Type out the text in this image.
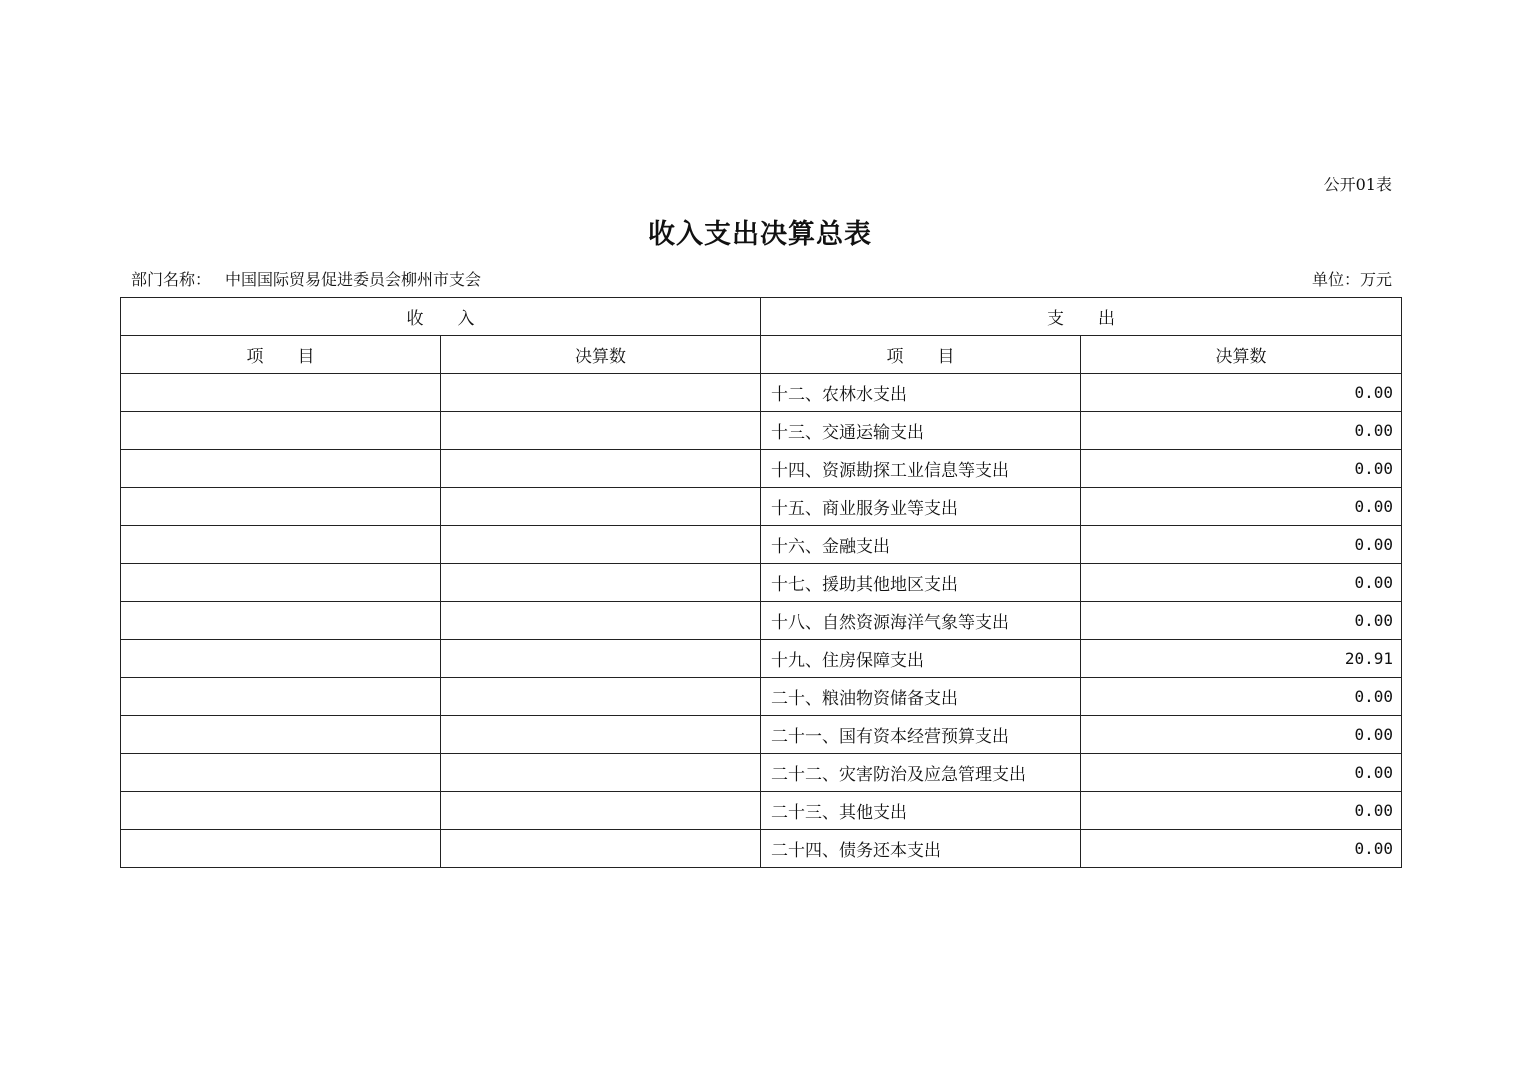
公开01表
收入支出决算总表
部门名称： 中国国际贸易促进委员会柳州市支会	单位：万元
收　　入		支　　出	
项　　目	决算数	项　　目	决算数
		十二、农林水支出	0.00
		十三、交通运输支出	0.00
		十四、资源勘探工业信息等支出	0.00
		十五、商业服务业等支出	0.00
		十六、金融支出	0.00
		十七、援助其他地区支出	0.00
		十八、自然资源海洋气象等支出	0.00
		十九、住房保障支出	20.91
		二十、粮油物资储备支出	0.00
		二十一、国有资本经营预算支出	0.00
		二十二、灾害防治及应急管理支出	0.00
		二十三、其他支出	0.00
		二十四、债务还本支出	0.00
